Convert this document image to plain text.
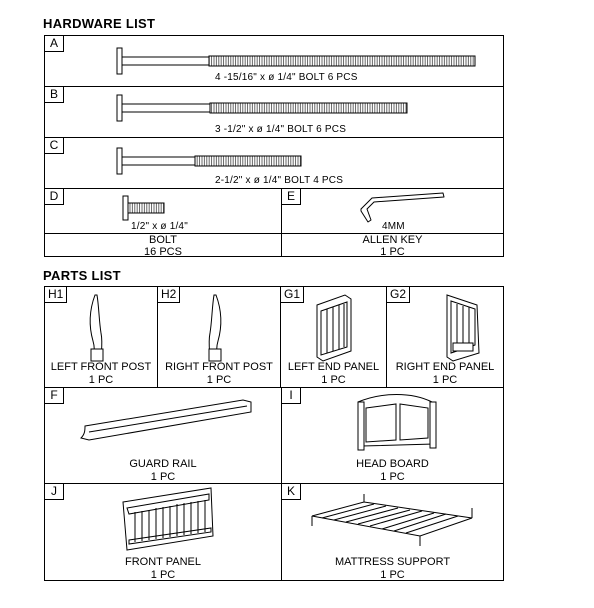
HARDWARE LIST
A
4 -15/16" x ø 1/4" BOLT 6 PCS
B
3 -1/2" x ø 1/4" BOLT 6 PCS
C
2-1/2" x ø 1/4" BOLT 4 PCS
D
1/2" x ø 1/4"
BOLT
16 PCS
E
4MM
ALLEN KEY
1 PC
PARTS LIST
H1
LEFT FRONT POST
1 PC
H2
RIGHT FRONT POST
1 PC
G1
LEFT END PANEL
1 PC
G2
RIGHT END PANEL
1 PC
F
GUARD RAIL
1 PC
I
HEAD BOARD
1 PC
J
FRONT PANEL
1 PC
K
MATTRESS SUPPORT
1 PC
